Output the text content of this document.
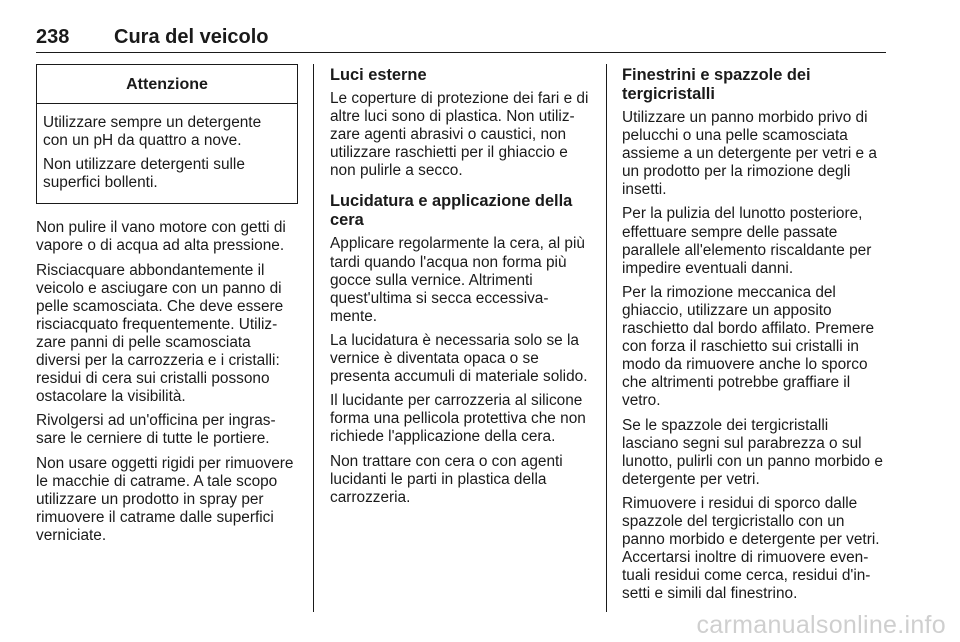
238	Cura del veicolo
Attenzione

Utilizzare sempre un detergente con un pH da quattro a nove.

Non utilizzare detergenti sulle superfici bollenti.

Non pulire il vano motore con getti di vapore o di acqua ad alta pressione.

Risciacquare abbondantemente il veicolo e asciugare con un panno di pelle scamosciata. Che deve essere risciacquato frequentemente. Utiliz-zare panni di pelle scamosciata diversi per la carrozzeria e i cristalli: residui di cera sui cristalli possono ostacolare la visibilità.

Rivolgersi ad un'officina per ingras-sare le cerniere di tutte le portiere.

Non usare oggetti rigidi per rimuovere le macchie di catrame. A tale scopo utilizzare un prodotto in spray per rimuovere il catrame dalle superfici verniciate.

Luci esterne

Le coperture di protezione dei fari e di altre luci sono di plastica. Non utiliz-zare agenti abrasivi o caustici, non utilizzare raschietti per il ghiaccio e non pulirle a secco.

Lucidatura e applicazione della cera

Applicare regolarmente la cera, al più tardi quando l'acqua non forma più gocce sulla vernice. Altrimenti quest'ultima si secca eccessiva-mente.

La lucidatura è necessaria solo se la vernice è diventata opaca o se presenta accumuli di materiale solido.

Il lucidante per carrozzeria al silicone forma una pellicola protettiva che non richiede l'applicazione della cera.

Non trattare con cera o con agenti lucidanti le parti in plastica della carrozzeria.

Finestrini e spazzole dei tergicristalli

Utilizzare un panno morbido privo di pelucchi o una pelle scamosciata assieme a un detergente per vetri e a un prodotto per la rimozione degli insetti.

Per la pulizia del lunotto posteriore, effettuare sempre delle passate parallele all'elemento riscaldante per impedire eventuali danni.

Per la rimozione meccanica del ghiaccio, utilizzare un apposito raschietto dal bordo affilato. Premere con forza il raschietto sui cristalli in modo da rimuovere anche lo sporco che altrimenti potrebbe graffiare il vetro.

Se le spazzole dei tergicristalli lasciano segni sul parabrezza o sul lunotto, pulirli con un panno morbido e detergente per vetri.

Rimuovere i residui di sporco dalle spazzole del tergicristallo con un panno morbido e detergente per vetri. Accertarsi inoltre di rimuovere even-tuali residui come cerca, residui d'in-setti e simili dal finestrino.

carmanualsonline.info
